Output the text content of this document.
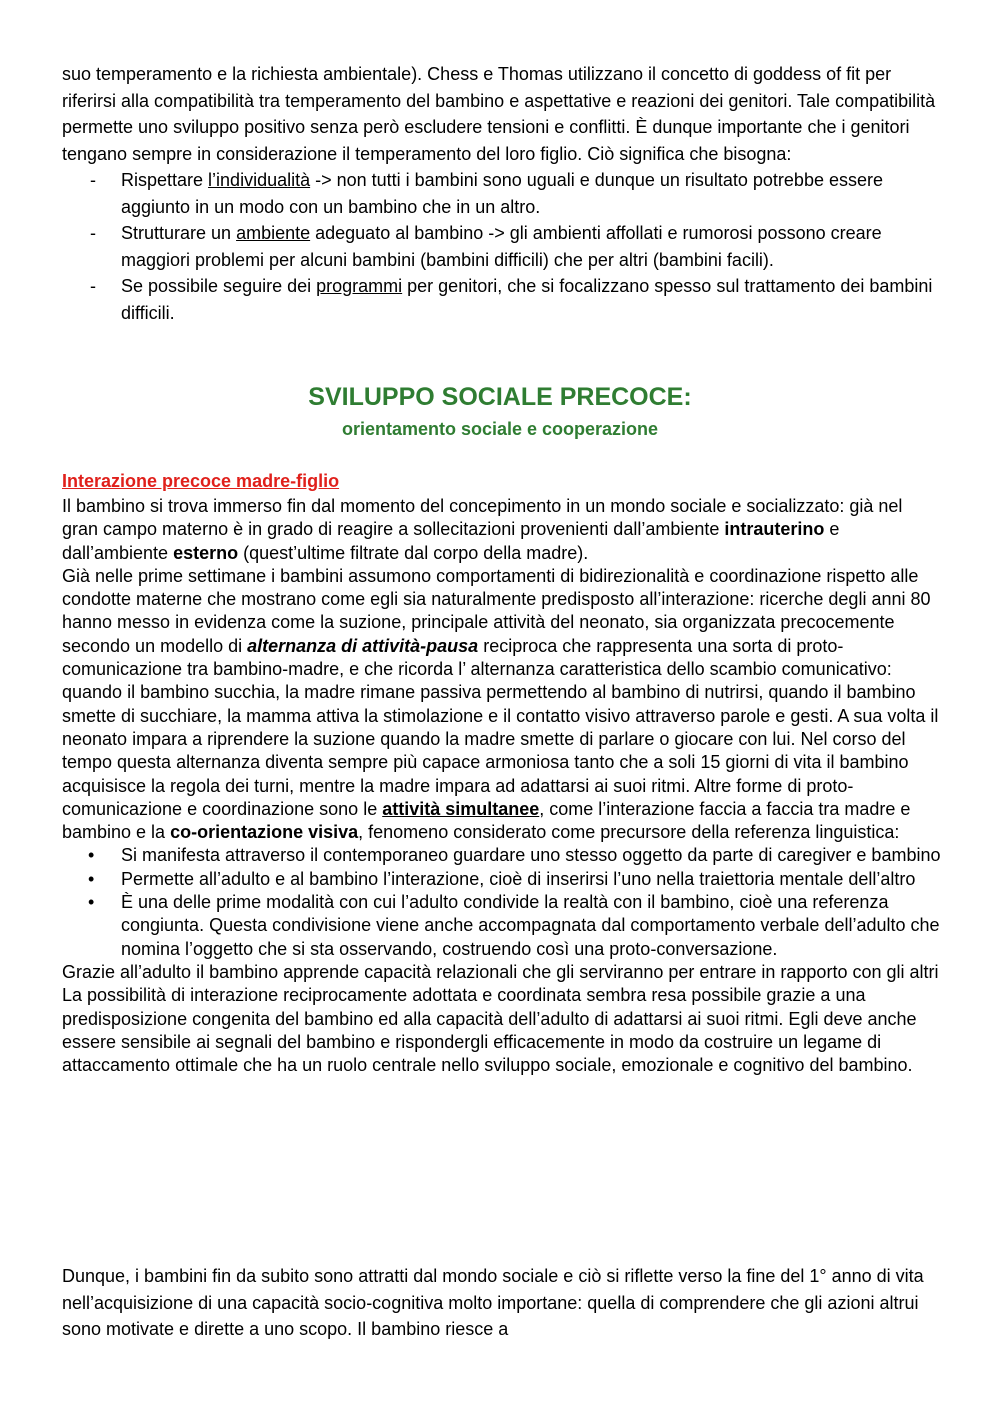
suo temperamento e la richiesta ambientale). Chess e Thomas utilizzano il concetto di goddess of fit per riferirsi alla compatibilità tra temperamento del bambino e aspettative e reazioni dei genitori. Tale compatibilità permette uno sviluppo positivo senza però escludere tensioni e conflitti. È dunque importante che i genitori tengano sempre in considerazione il temperamento del loro figlio. Ciò significa che bisogna:

- Rispettare l’individualità -> non tutti i bambini sono uguali e dunque un risultato potrebbe essere aggiunto in un modo con un bambino che in un altro.
- Strutturare un ambiente adeguato al bambino -> gli ambienti affollati e rumorosi possono creare maggiori problemi per alcuni bambini (bambini difficili) che per altri (bambini facili).
- Se possibile seguire dei programmi per genitori, che si focalizzano spesso sul trattamento dei bambini difficili.
SVILUPPO SOCIALE PRECOCE:
orientamento sociale e cooperazione
Interazione precoce madre-figlio

Il bambino si trova immerso fin dal momento del concepimento in un mondo sociale e socializzato: già nel gran campo materno è in grado di reagire a sollecitazioni provenienti dall’ambiente intrauterino e dall’ambiente esterno (quest’ultime filtrate dal corpo della madre).

Già nelle prime settimane i bambini assumono comportamenti di bidirezionalità e coordinazione rispetto alle condotte materne che mostrano come egli sia naturalmente predisposto all’interazione: ricerche degli anni 80 hanno messo in evidenza come la suzione, principale attività del neonato, sia organizzata precocemente secondo un modello di alternanza di attività-pausa reciproca che rappresenta una sorta di proto-comunicazione tra bambino-madre, e che ricorda l’ alternanza caratteristica dello scambio comunicativo: quando il bambino succhia, la madre rimane passiva permettendo al bambino di nutrirsi, quando il bambino smette di succhiare, la mamma attiva la stimolazione e il contatto visivo attraverso parole e gesti. A sua volta il neonato impara a riprendere la suzione quando la madre smette di parlare o giocare con lui. Nel corso del tempo questa alternanza diventa sempre più capace armoniosa tanto che a soli 15 giorni di vita il bambino acquisisce la regola dei turni, mentre la madre impara ad adattarsi ai suoi ritmi. Altre forme di proto-comunicazione e coordinazione sono le attività simultanee, come l’interazione faccia a faccia tra madre e bambino e la co-orientazione visiva, fenomeno considerato come precursore della referenza linguistica:

• Si manifesta attraverso il contemporaneo guardare uno stesso oggetto da parte di caregiver e bambino
• Permette all’adulto e al bambino l’interazione, cioè di inserirsi l’uno nella traiettoria mentale dell’altro
• È una delle prime modalità con cui l’adulto condivide la realtà con il bambino, cioè una referenza congiunta. Questa condivisione viene anche accompagnata dal comportamento verbale dell’adulto che nomina l’oggetto che si sta osservando, costruendo così una proto-conversazione.

Grazie all’adulto il bambino apprende capacità relazionali che gli serviranno per entrare in rapporto con gli altri

La possibilità di interazione reciprocamente adottata e coordinata sembra resa possibile grazie a una predisposizione congenita del bambino ed alla capacità dell’adulto di adattarsi ai suoi ritmi. Egli deve anche essere sensibile ai segnali del bambino e rispondergli efficacemente in modo da costruire un legame di attaccamento ottimale che ha un ruolo centrale nello sviluppo sociale, emozionale e cognitivo del bambino.

Dunque, i bambini fin da subito sono attratti dal mondo sociale e ciò si riflette verso la fine del 1° anno di vita nell’acquisizione di una capacità socio-cognitiva molto importane: quella di comprendere che gli azioni altrui sono motivate e dirette a uno scopo. Il bambino riesce a
